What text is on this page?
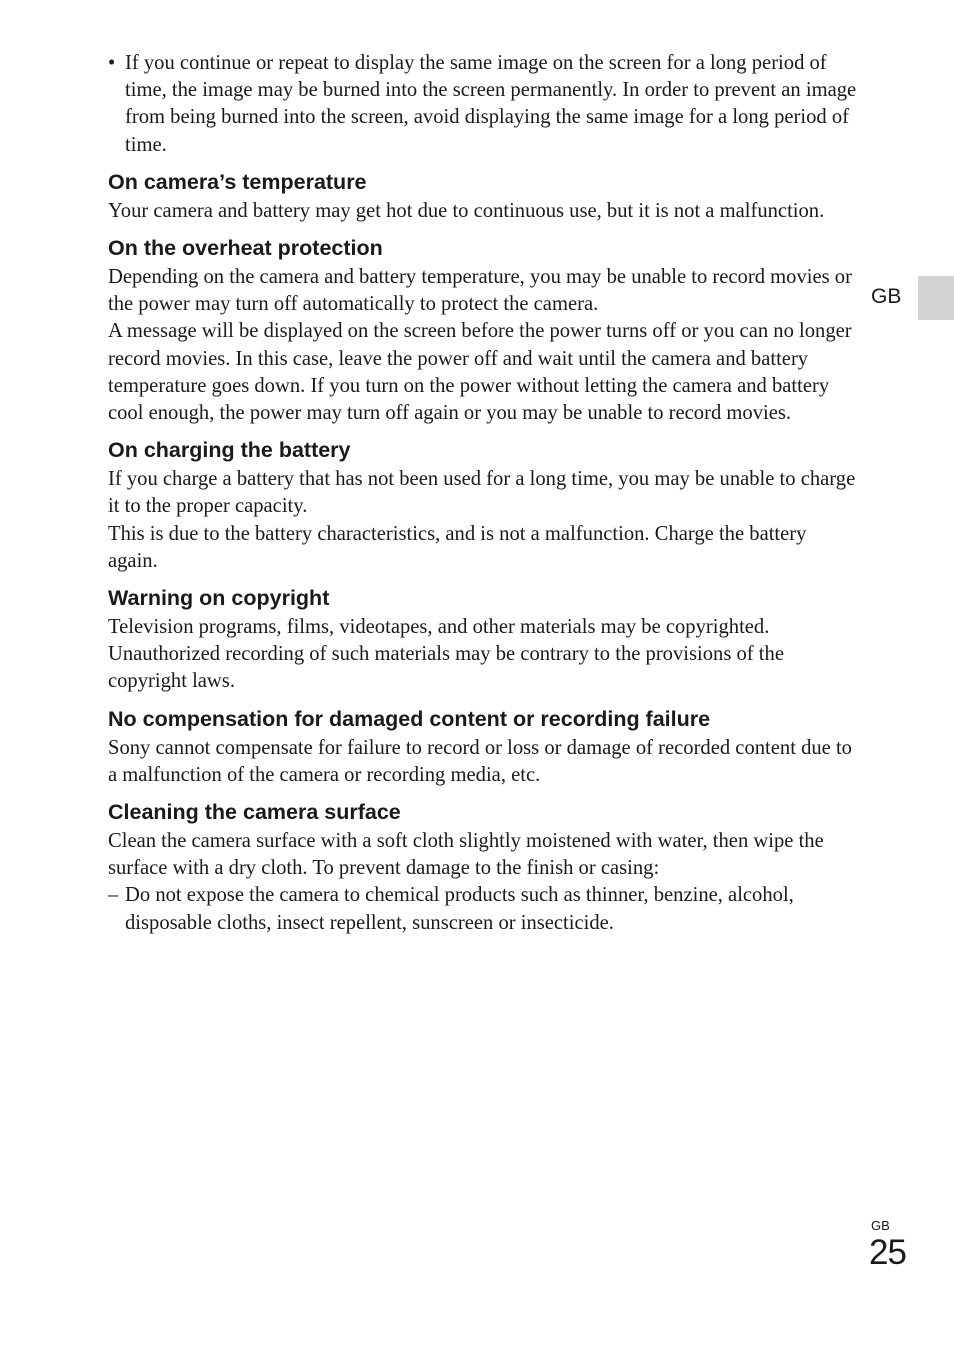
• If you continue or repeat to display the same image on the screen for a long period of time, the image may be burned into the screen permanently. In order to prevent an image from being burned into the screen, avoid displaying the same image for a long period of time.

On camera’s temperature

Your camera and battery may get hot due to continuous use, but it is not a malfunction.

On the overheat protection

Depending on the camera and battery temperature, you may be unable to record movies or the power may turn off automatically to protect the camera.

A message will be displayed on the screen before the power turns off or you can no longer record movies. In this case, leave the power off and wait until the camera and battery temperature goes down. If you turn on the power without letting the camera and battery cool enough, the power may turn off again or you may be unable to record movies.

On charging the battery

If you charge a battery that has not been used for a long time, you may be unable to charge it to the proper capacity.

This is due to the battery characteristics, and is not a malfunction. Charge the battery again.

Warning on copyright

Television programs, films, videotapes, and other materials may be copyrighted. Unauthorized recording of such materials may be contrary to the provisions of the copyright laws.

No compensation for damaged content or recording failure

Sony cannot compensate for failure to record or loss or damage of recorded content due to a malfunction of the camera or recording media, etc.

Cleaning the camera surface

Clean the camera surface with a soft cloth slightly moistened with water, then wipe the surface with a dry cloth. To prevent damage to the finish or casing:

– Do not expose the camera to chemical products such as thinner, benzine, alcohol, disposable cloths, insect repellent, sunscreen or insecticide.

GB
GB
25
